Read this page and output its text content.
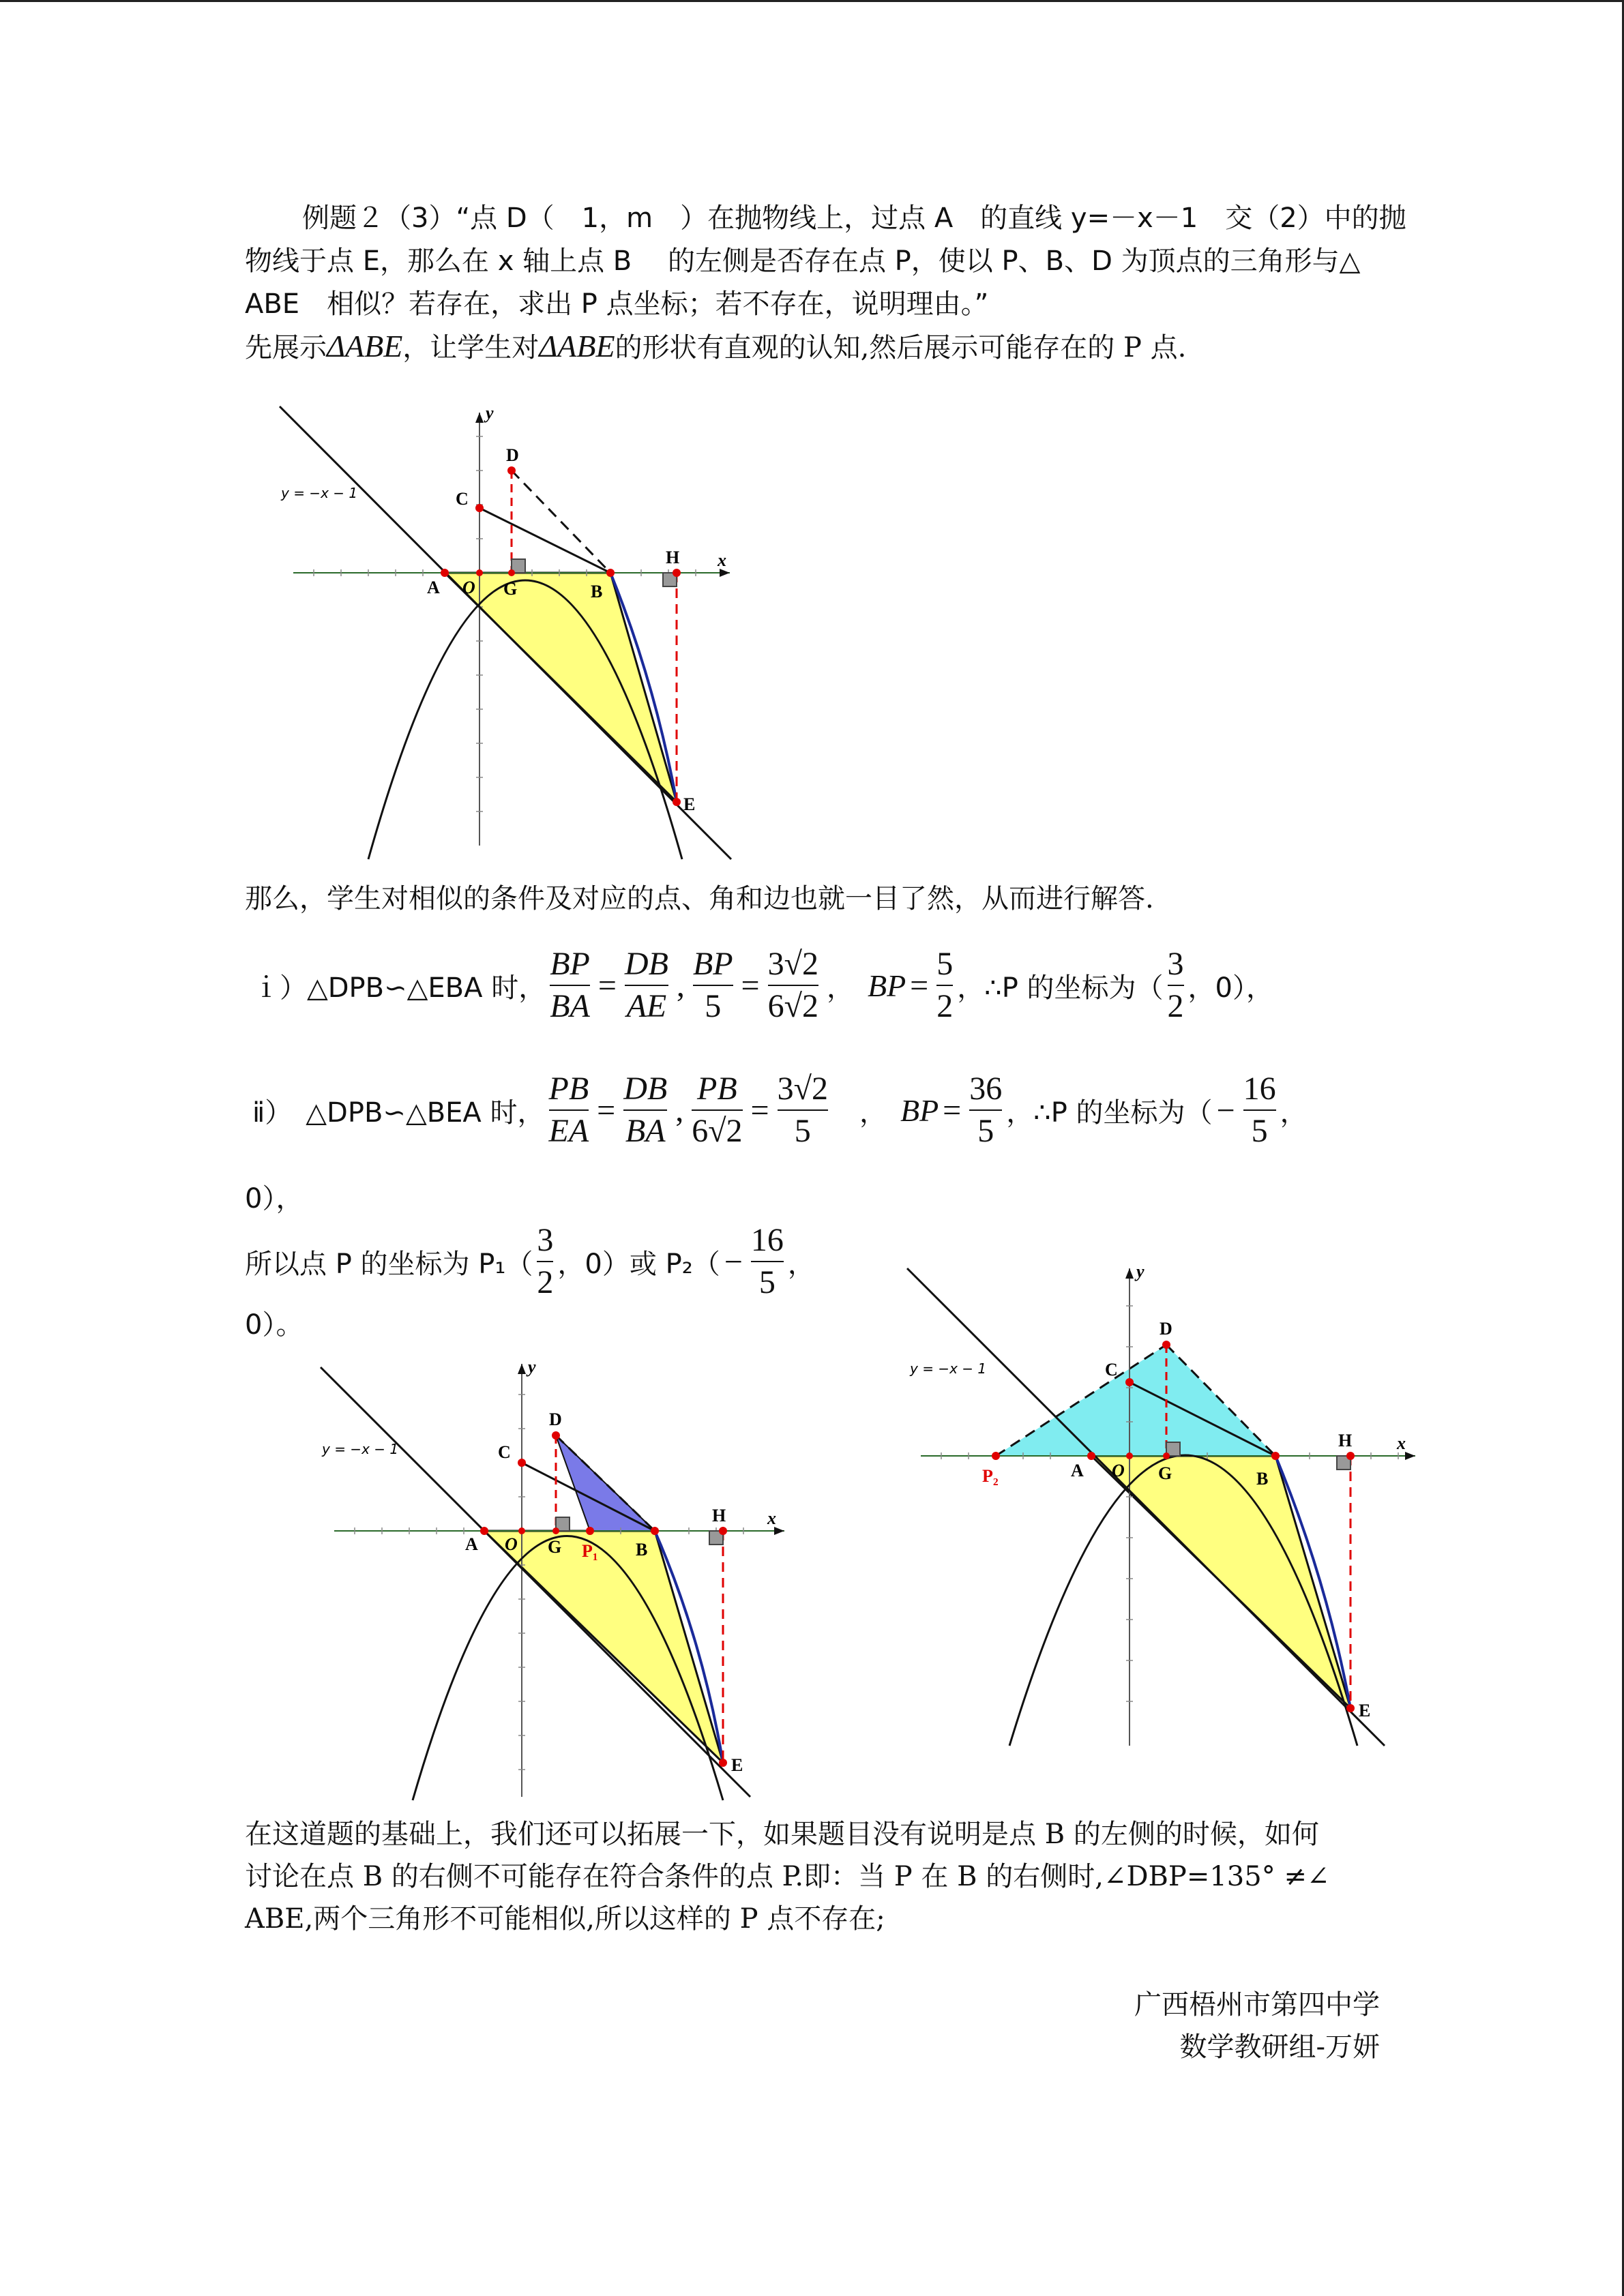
例题２（3）“点 D（　1，m　）在抛物线上，过点 A　的直线 y=－x－1　交（2）中的抛
物线于点 E，那么在 x 轴上点 B　 的左侧是否存在点 P，使以 P、B、D 为顶点的三角形与△
ABE　相似？若存在，求出 P 点坐标；若不存在，说明理由。”
先展示ΔABE，让学生对ΔABE的形状有直观的认知,然后展示可能存在的 P 点.
y
x
y = −x − 1
D
C
A O G	B
H
E
那么，学生对相似的条件及对应的点、角和边也就一目了然，从而进行解答.
ｉ）△DPB∽△EBA 时， $\frac{BP}{BA} = \frac{DB}{AE}$ , $\frac{BP}{5} = \frac{3√2}{6√2}$ ， BP = $\frac{5}{2}$ ，∴P 的坐标为（ $\frac{3}{2}$ ，0），
ⅱ）　△DPB∽△BEA 时， $\frac{PB}{EA} = \frac{DB}{BA}$ , $\frac{PB}{6√2} = \frac{3√2}{5}$ ， BP = $\frac{36}{5}$ ，∴P 的坐标为（ − $\frac{16}{5}$ ，
0），
所以点 P 的坐标为 $P_1( \frac{3}{2}$ ，0）或 $P_2( - \frac{16}{5}$ ，
0）。
y
x
y = −x − 1
D
C
A O G P₁ B
H
E
y
x
y = −x − 1
D
C
P₂	A O G	B
H
E
在这道题的基础上，我们还可以拓展一下，如果题目没有说明是点 B 的左侧的时候，如何
讨论在点 B 的右侧不可能存在符合条件的点 P.即：当 P 在 B 的右侧时,∠DBP=135° ≠∠
ABE,两个三角形不可能相似,所以这样的 P 点不存在;
广西梧州市第四中学
数学教研组-万妍
